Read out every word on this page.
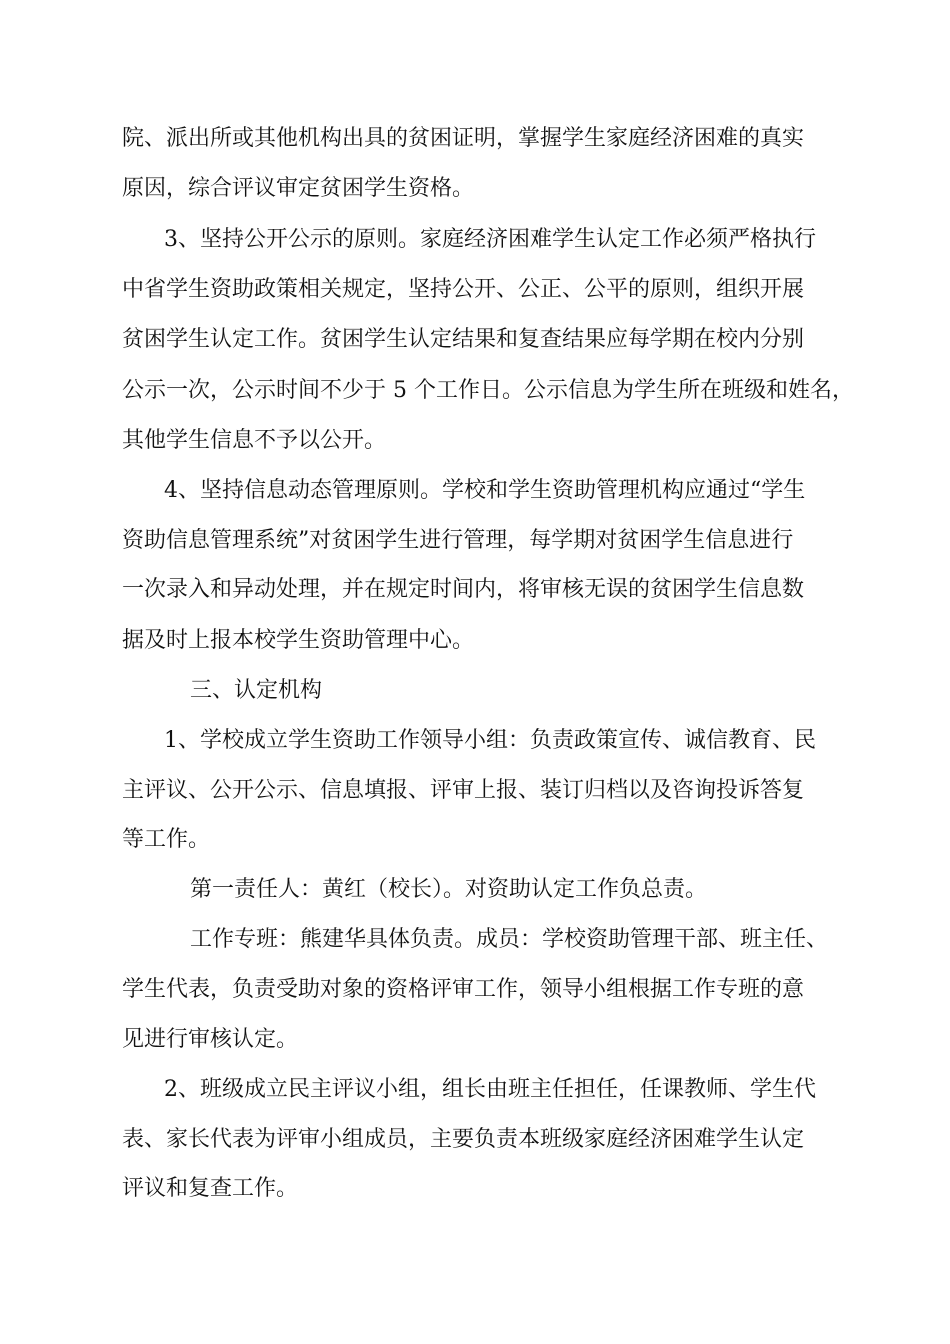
院、派出所或其他机构出具的贫困证明，掌握学生家庭经济困难的真实
原因，综合评议审定贫困学生资格。
3、坚持公开公示的原则。家庭经济困难学生认定工作必须严格执行
中省学生资助政策相关规定，坚持公开、公正、公平的原则，组织开展
贫困学生认定工作。贫困学生认定结果和复查结果应每学期在校内分别
公示一次，公示时间不少于 5 个工作日。公示信息为学生所在班级和姓名，
其他学生信息不予以公开。
4、坚持信息动态管理原则。学校和学生资助管理机构应通过“学生
资助信息管理系统”对贫困学生进行管理，每学期对贫困学生信息进行
一次录入和异动处理，并在规定时间内，将审核无误的贫困学生信息数
据及时上报本校学生资助管理中心。
三、认定机构
1、学校成立学生资助工作领导小组：负责政策宣传、诚信教育、民
主评议、公开公示、信息填报、评审上报、装订归档以及咨询投诉答复
等工作。
第一责任人：黄红（校长）。对资助认定工作负总责。
工作专班：熊建华具体负责。成员：学校资助管理干部、班主任、
学生代表，负责受助对象的资格评审工作，领导小组根据工作专班的意
见进行审核认定。
2、班级成立民主评议小组，组长由班主任担任，任课教师、学生代
表、家长代表为评审小组成员，主要负责本班级家庭经济困难学生认定
评议和复查工作。
